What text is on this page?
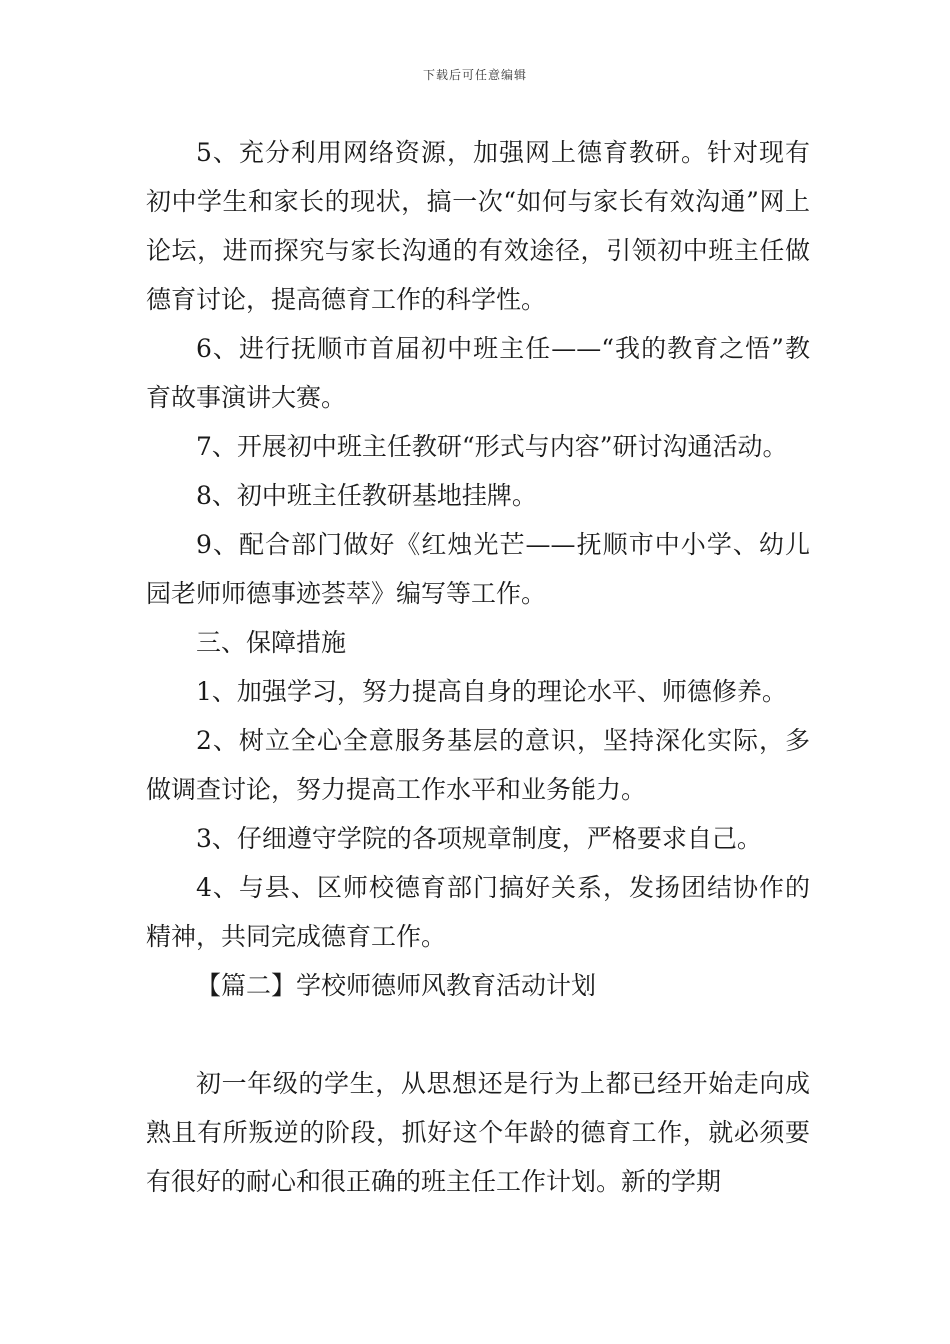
下载后可任意编辑

5、充分利用网络资源，加强网上德育教研。针对现有初中学生和家长的现状，搞一次“如何与家长有效沟通”网上论坛，进而探究与家长沟通的有效途径，引领初中班主任做德育讨论，提高德育工作的科学性。

6、进行抚顺市首届初中班主任——“我的教育之悟”教育故事演讲大赛。

7、开展初中班主任教研“形式与内容”研讨沟通活动。

8、初中班主任教研基地挂牌。

9、配合部门做好《红烛光芒——抚顺市中小学、幼儿园老师师德事迹荟萃》编写等工作。

三、保障措施

1、加强学习，努力提高自身的理论水平、师德修养。

2、树立全心全意服务基层的意识，坚持深化实际，多做调查讨论，努力提高工作水平和业务能力。

3、仔细遵守学院的各项规章制度，严格要求自己。

4、与县、区师校德育部门搞好关系，发扬团结协作的精神，共同完成德育工作。

【篇二】学校师德师风教育活动计划

初一年级的学生，从思想还是行为上都已经开始走向成熟且有所叛逆的阶段，抓好这个年龄的德育工作，就必须要有很好的耐心和很正确的班主任工作计划。新的学期
